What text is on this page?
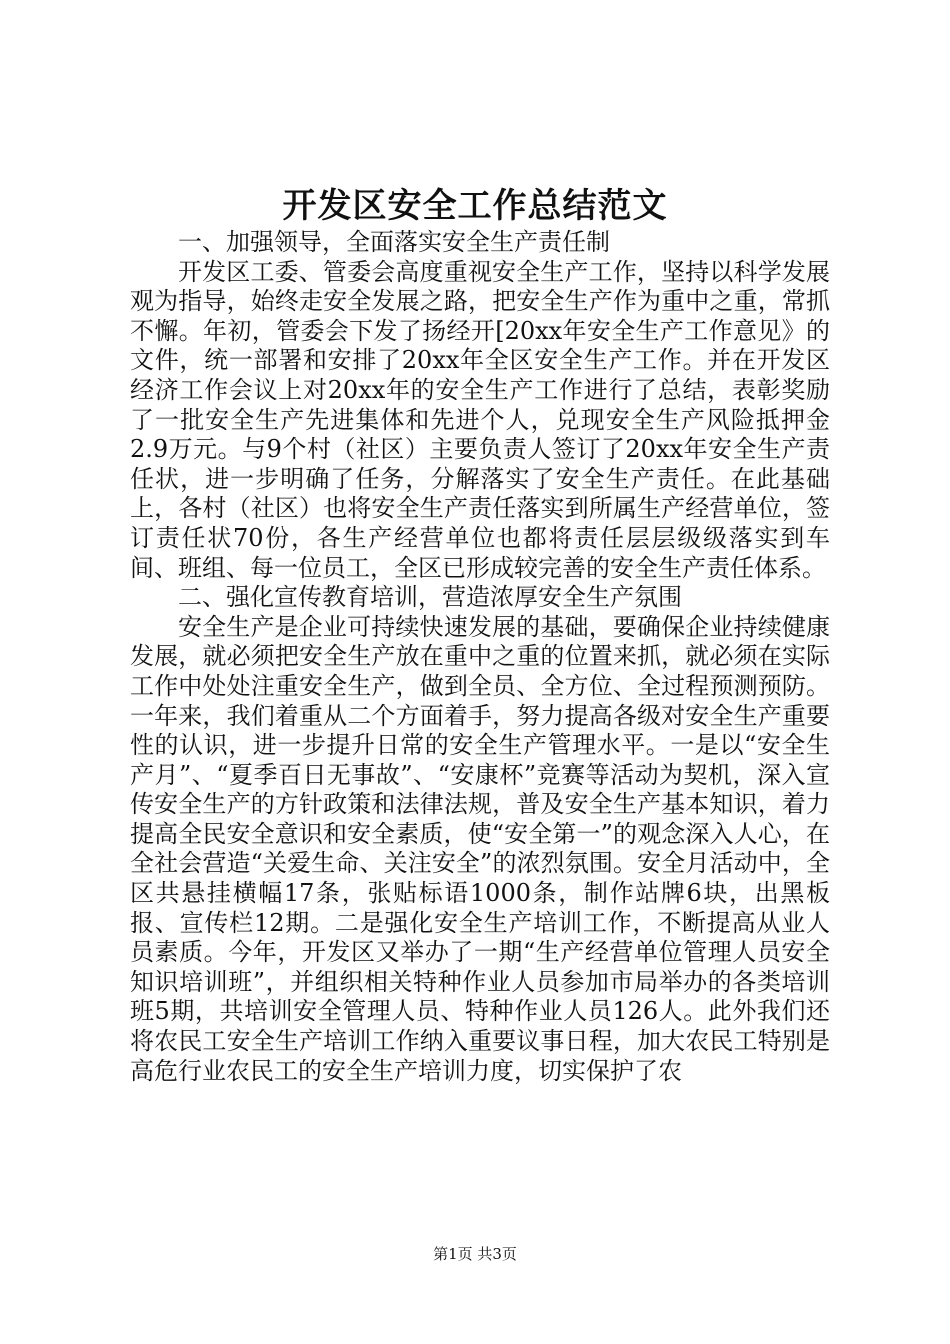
开发区安全工作总结范文

一、加强领导，全面落实安全生产责任制

开发区工委、管委会高度重视安全生产工作，坚持以科学发展观为指导，始终走安全发展之路，把安全生产作为重中之重，常抓不懈。年初，管委会下发了扬经开[20xx年安全生产工作意见》的文件，统一部署和安排了20xx年全区安全生产工作。并在开发区经济工作会议上对20xx年的安全生产工作进行了总结，表彰奖励了一批安全生产先进集体和先进个人，兑现安全生产风险抵押金2.9万元。与9个村（社区）主要负责人签订了20xx年安全生产责任状，进一步明确了任务，分解落实了安全生产责任。在此基础上，各村（社区）也将安全生产责任落实到所属生产经营单位，签订责任状70份，各生产经营单位也都将责任层层级级落实到车间、班组、每一位员工，全区已形成较完善的安全生产责任体系。

二、强化宣传教育培训，营造浓厚安全生产氛围

安全生产是企业可持续快速发展的基础，要确保企业持续健康发展，就必须把安全生产放在重中之重的位置来抓，就必须在实际工作中处处注重安全生产，做到全员、全方位、全过程预测预防。一年来，我们着重从二个方面着手，努力提高各级对安全生产重要性的认识，进一步提升日常的安全生产管理水平。一是以“安全生产月”、“夏季百日无事故”、“安康杯”竞赛等活动为契机，深入宣传安全生产的方针政策和法律法规，普及安全生产基本知识，着力提高全民安全意识和安全素质，使“安全第一”的观念深入人心，在全社会营造“关爱生命、关注安全”的浓烈氛围。安全月活动中，全区共悬挂横幅17条，张贴标语1000条，制作站牌6块，出黑板报、宣传栏12期。二是强化安全生产培训工作，不断提高从业人员素质。今年，开发区又举办了一期“生产经营单位管理人员安全知识培训班”，并组织相关特种作业人员参加市局举办的各类培训班5期，共培训安全管理人员、特种作业人员126人。此外我们还将农民工安全生产培训工作纳入重要议事日程，加大农民工特别是高危行业农民工的安全生产培训力度，切实保护了农

第1页 共3页
